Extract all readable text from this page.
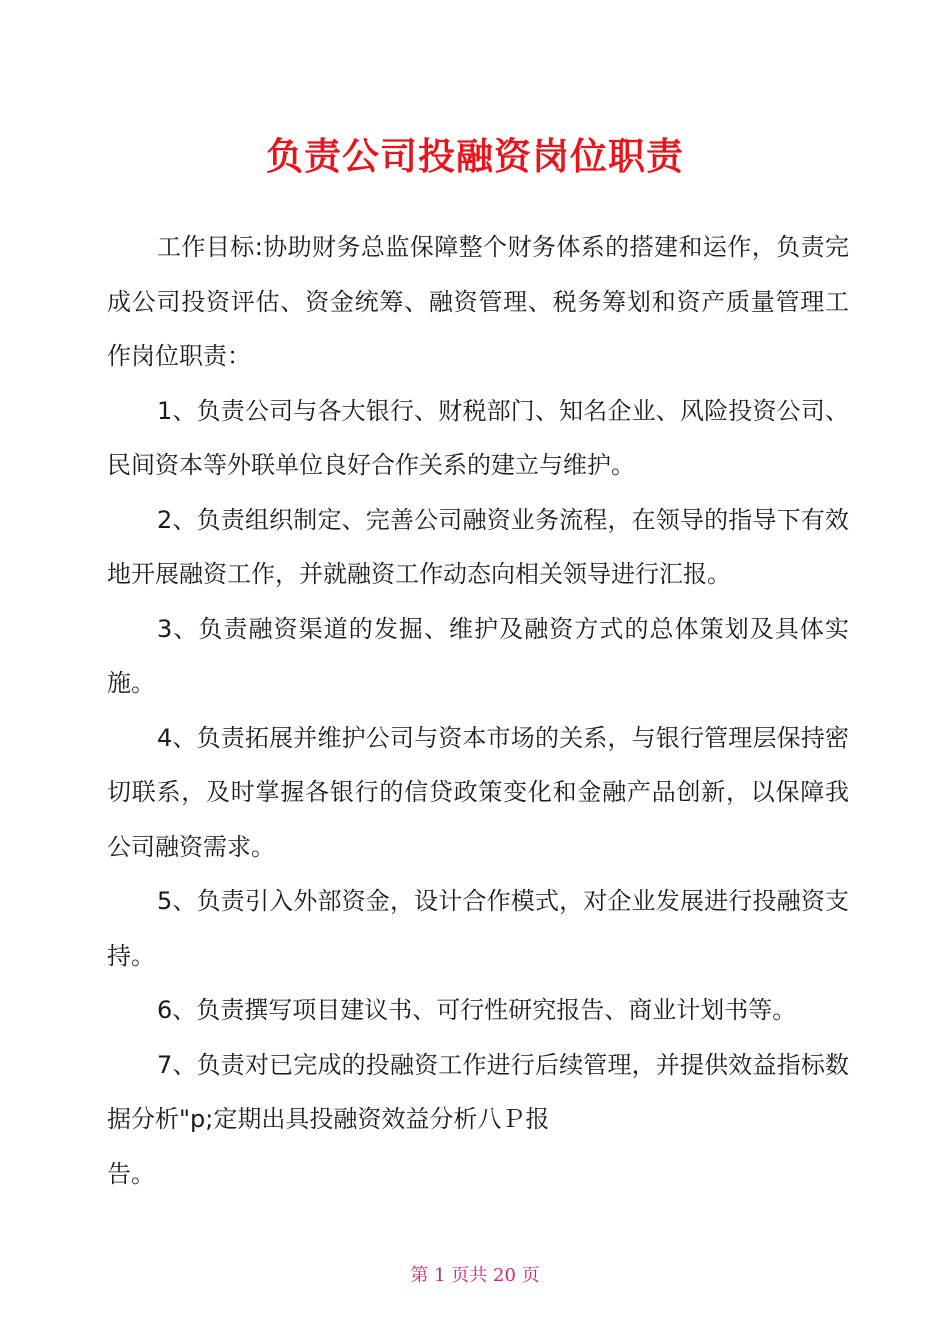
负责公司投融资岗位职责

工作目标:协助财务总监保障整个财务体系的搭建和运作，负责完成公司投资评估、资金统筹、融资管理、税务筹划和资产质量管理工作岗位职责：

1、负责公司与各大银行、财税部门、知名企业、风险投资公司、民间资本等外联单位良好合作关系的建立与维护。

2、负责组织制定、完善公司融资业务流程，在领导的指导下有效地开展融资工作，并就融资工作动态向相关领导进行汇报。

3、负责融资渠道的发掘、维护及融资方式的总体策划及具体实施。

4、负责拓展并维护公司与资本市场的关系，与银行管理层保持密切联系，及时掌握各银行的信贷政策变化和金融产品创新，以保障我公司融资需求。

5、负责引入外部资金，设计合作模式，对企业发展进行投融资支持。

6、负责撰写项目建议书、可行性研究报告、商业计划书等。

7、负责对已完成的投融资工作进行后续管理，并提供效益指标数据分析"p;定期出具投融资效益分析八Ｐ报

告。

第 1 页共 20 页
